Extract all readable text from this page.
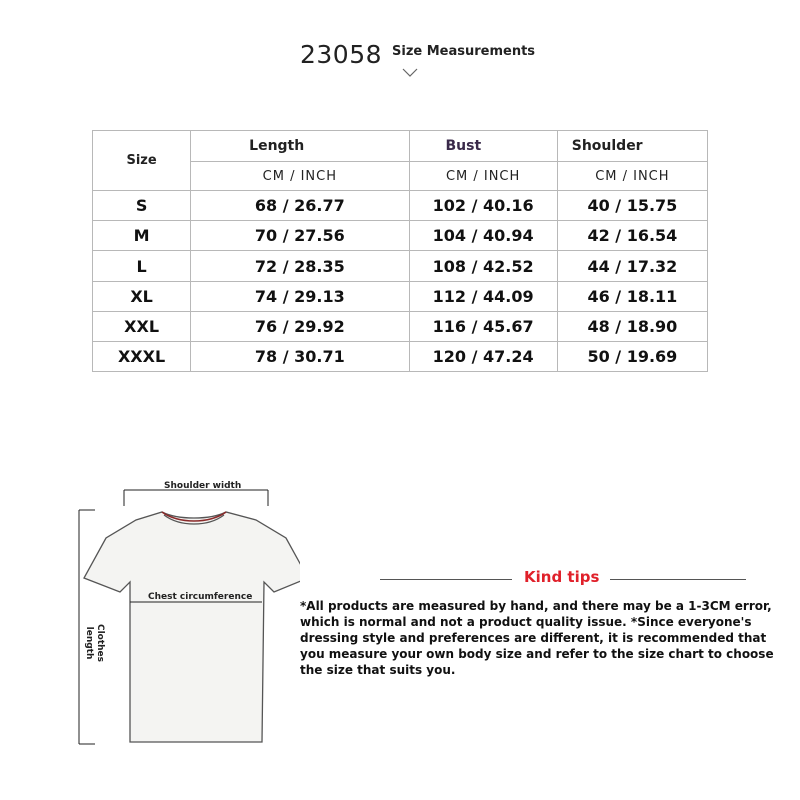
23058 Size Measurements
Size	Length	Bust	Shoulder
	CM / INCH	CM / INCH	CM / INCH
S	68 / 26.77	102 / 40.16	40 / 15.75
M	70 / 27.56	104 / 40.94	42 / 16.54
L	72 / 28.35	108 / 42.52	44 / 17.32
XL	74 / 29.13	112 / 44.09	46 / 18.11
XXL	76 / 29.92	116 / 45.67	48 / 18.90
XXXL	78 / 30.71	120 / 47.24	50 / 19.69
Shoulder width
Chest circumference
Clothes length
Kind tips
*All products are measured by hand, and there may be a 1-3CM error, which is normal and not a product quality issue. *Since everyone's dressing style and preferences are different, it is recommended that you measure your own body size and refer to the size chart to choose the size that suits you.
